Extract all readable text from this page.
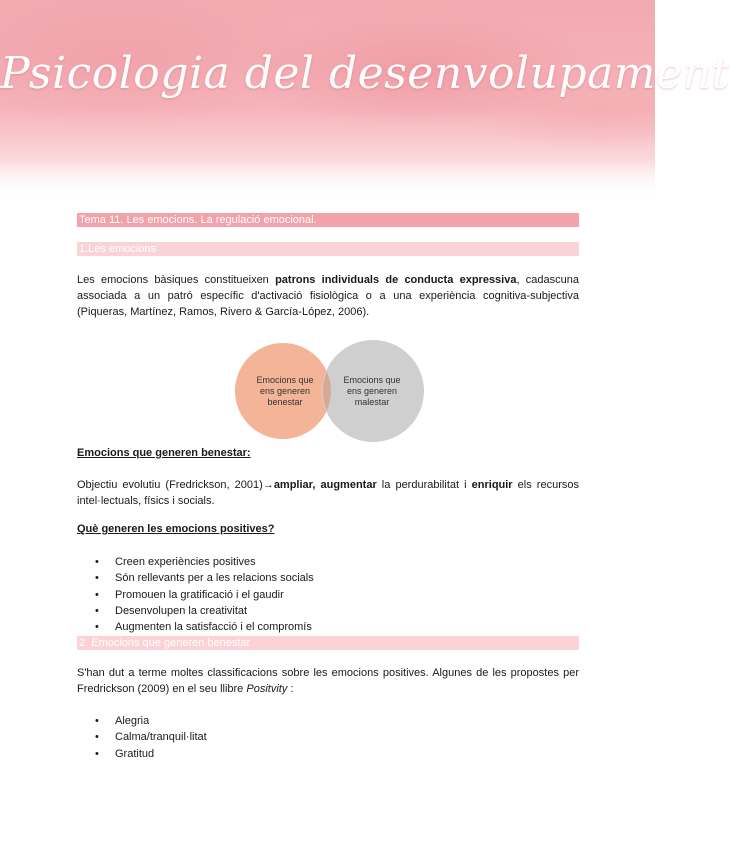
Psicologia del desenvolupament
Tema 11. Les emocions. La regulació emocional.
1.Les emocions

Les emocions bàsiques constitueixen patrons individuals de conducta expressiva, cadascuna associada a un patró específic d'activació fisiològica o a una experiència cognitiva-subjectiva (Piqueras, Martínez, Ramos, Rivero & García-López, 2006).

Emocions que ens generen benestar
Emocions que ens generen malestar

Emocions que generen benestar:

Objectiu evolutiu (Fredrickson, 2001)→ampliar, augmentar la perdurabilitat i enriquir els recursos intel·lectuals, físics i socials.

Què generen les emocions positives?

• Creen experiències positives
• Són rellevants per a les relacions socials
• Promouen la gratificació i el gaudir
• Desenvolupen la creativitat
• Augmenten la satisfacció i el compromís
2. Emocions que generen benestar

S'han dut a terme moltes classificacions sobre les emocions positives. Algunes de les propostes per Fredrickson (2009) en el seu llibre Positvity :

• Alegria
• Calma/tranquil·litat
• Gratitud
